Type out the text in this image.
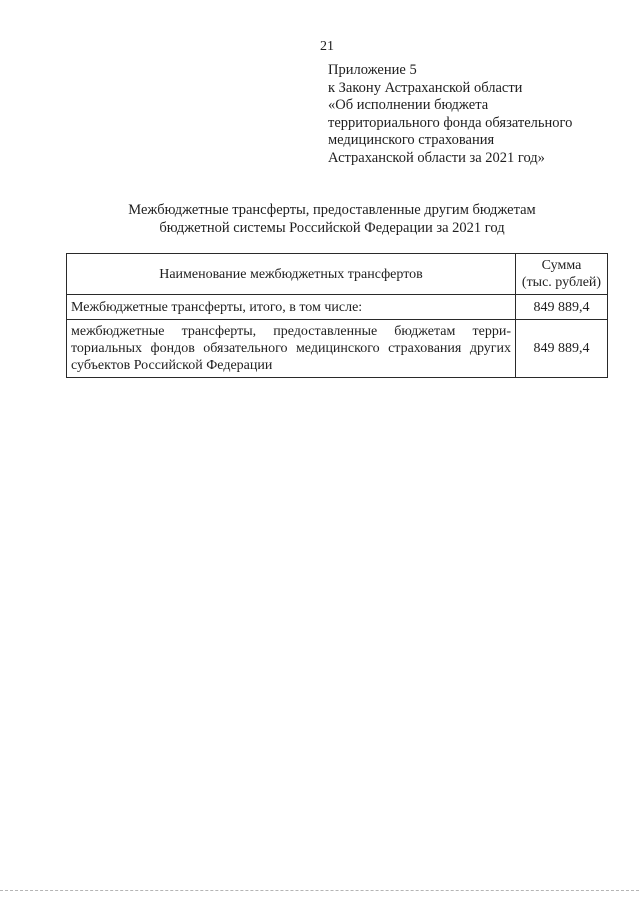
21
Приложение 5
к Закону Астраханской области
«Об исполнении бюджета
территориального фонда обязательного
медицинского страхования
Астраханской области за 2021 год»
Межбюджетные трансферты, предоставленные другим бюджетам
бюджетной системы Российской Федерации за 2021 год
Наименование межбюджетных трансфертов	Сумма
(тыс. рублей)

Межбюджетные трансферты, итого, в том числе:	849 889,4
межбюджетные трансферты, предоставленные бюджетам территориальных фондов обязательного медицинского страхования других субъектов Российской Федерации	849 889,4
